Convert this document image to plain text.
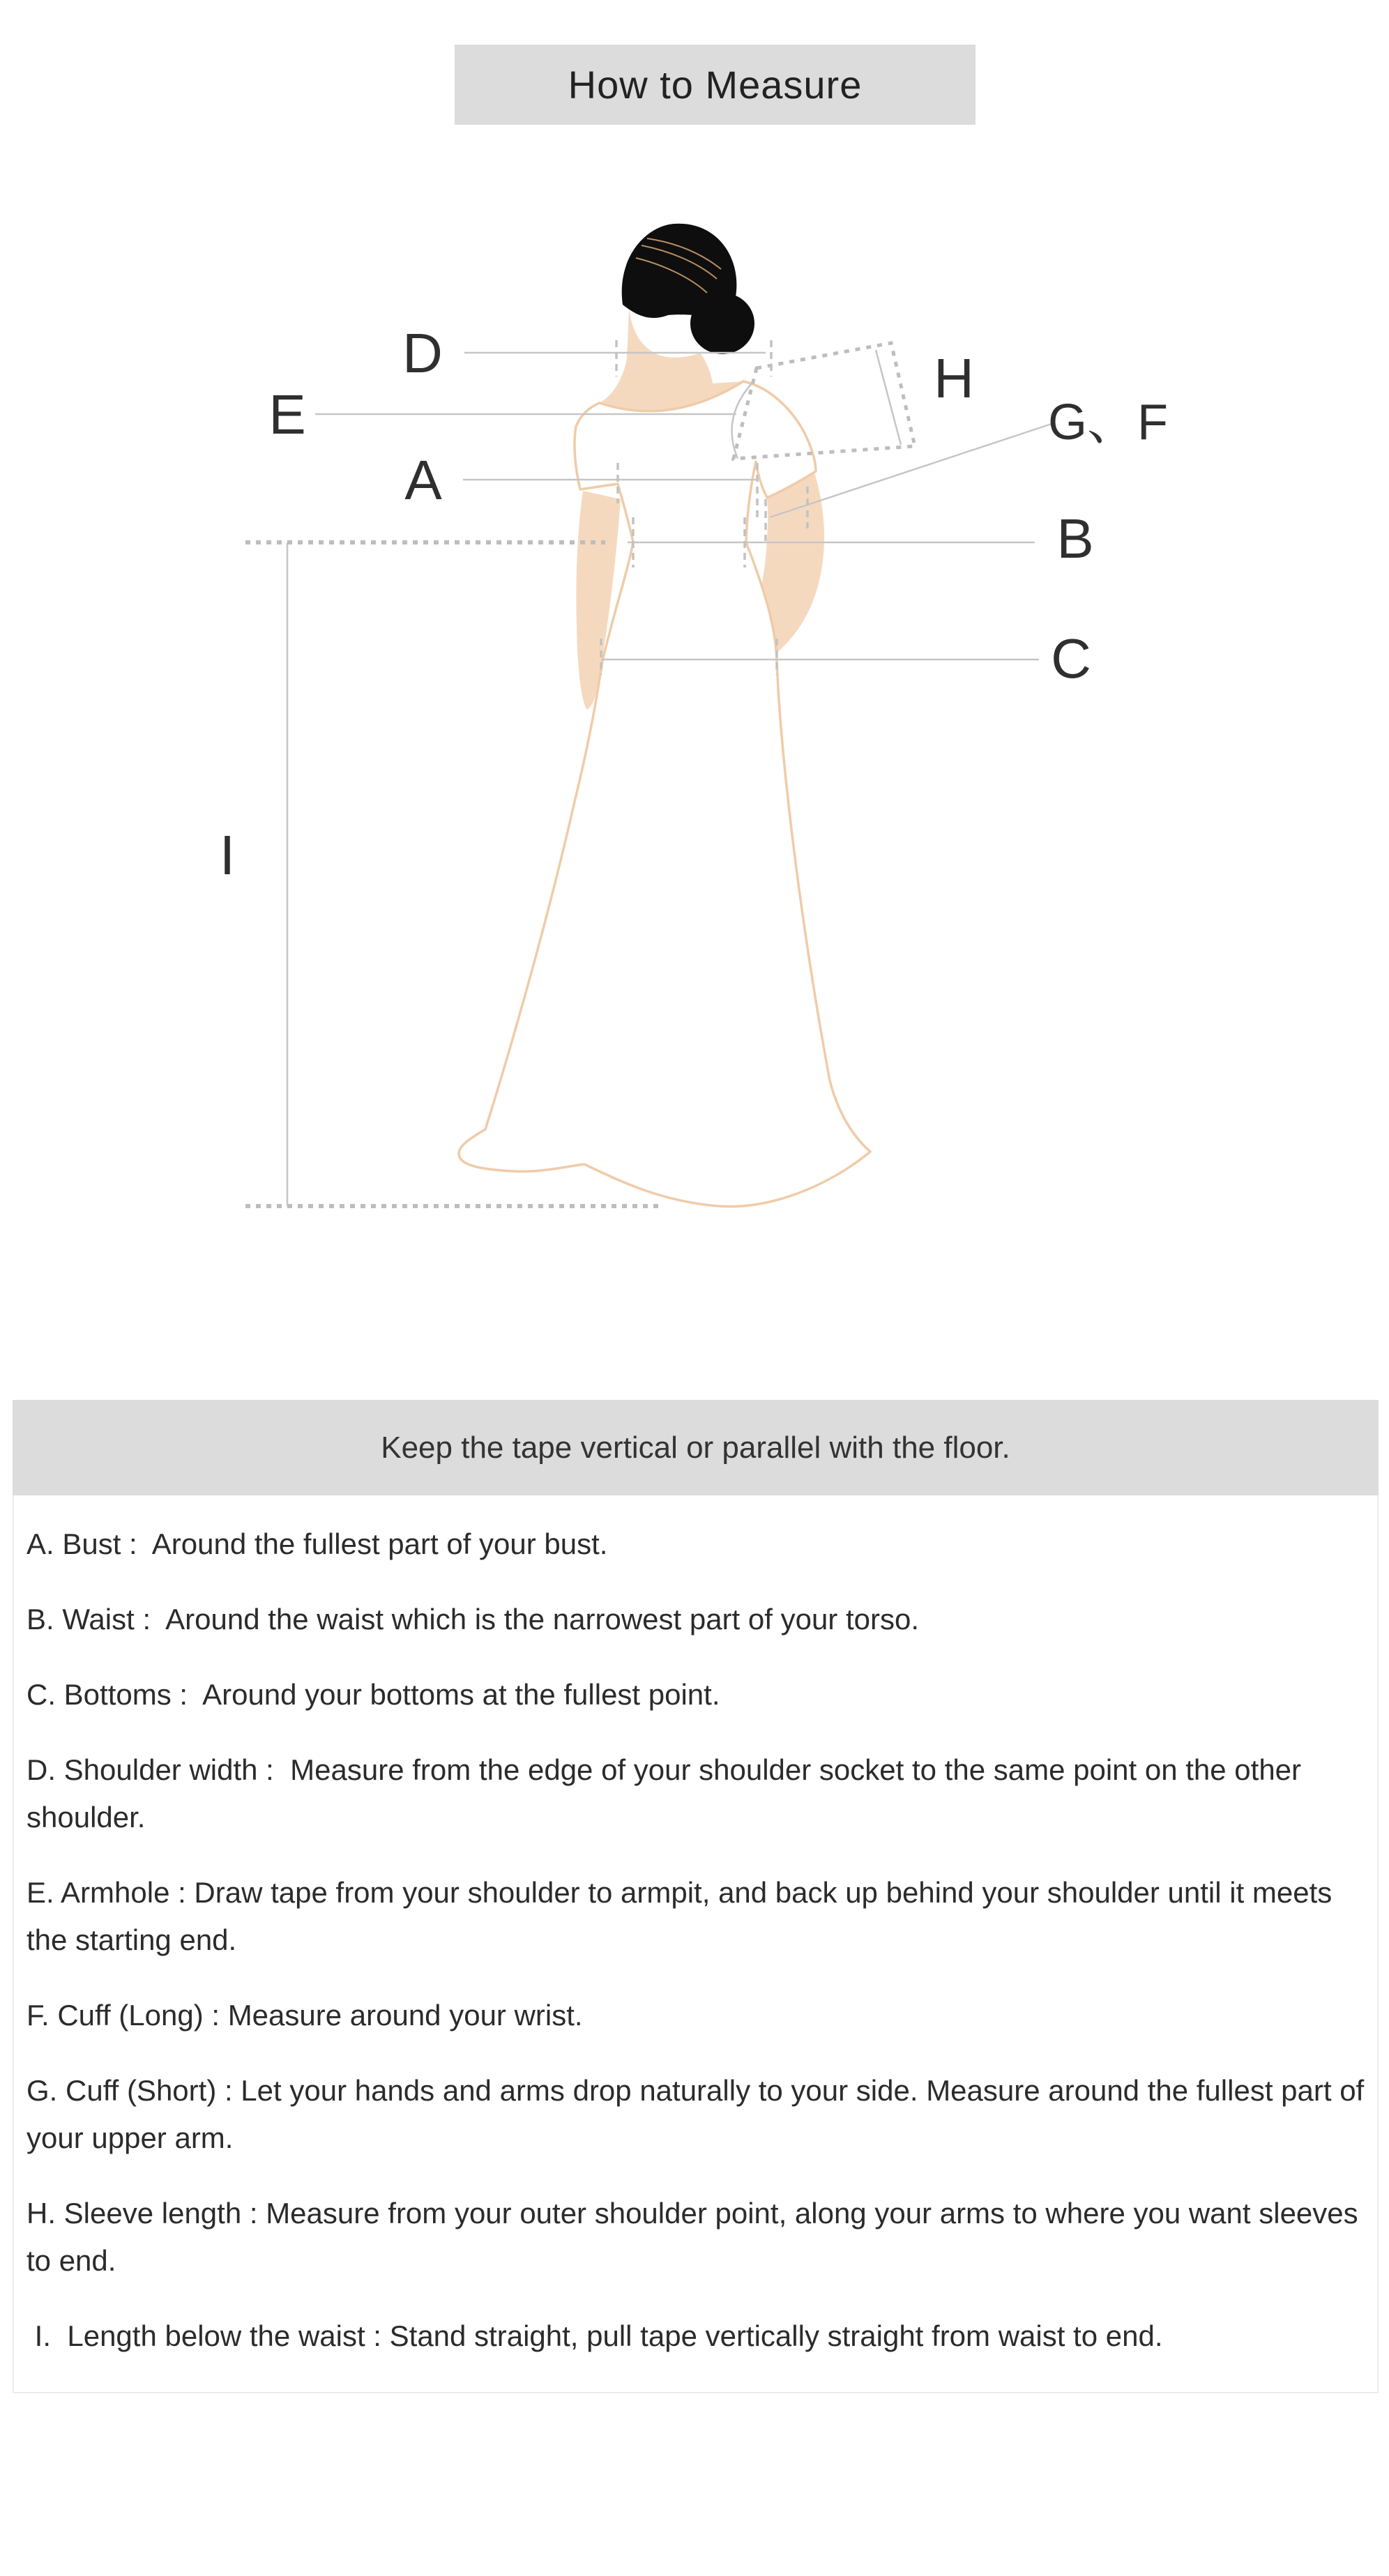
How to Measure
D
E
A
H
G、F
B
C
I
Keep the tape vertical or parallel with the floor.

A. Bust :  Around the fullest part of your bust.

B. Waist :  Around the waist which is the narrowest part of your torso.

C. Bottoms :  Around your bottoms at the fullest point.

D. Shoulder width :  Measure from the edge of your shoulder socket to the same point on the other shoulder.

E. Armhole : Draw tape from your shoulder to armpit, and back up behind your shoulder until it meets the starting end.

F. Cuff (Long) : Measure around your wrist.

G. Cuff (Short) : Let your hands and arms drop naturally to your side. Measure around the fullest part of your upper arm.

H. Sleeve length : Measure from your outer shoulder point, along your arms to where you want sleeves to end.

I.  Length below the waist : Stand straight, pull tape vertically straight from waist to end.
